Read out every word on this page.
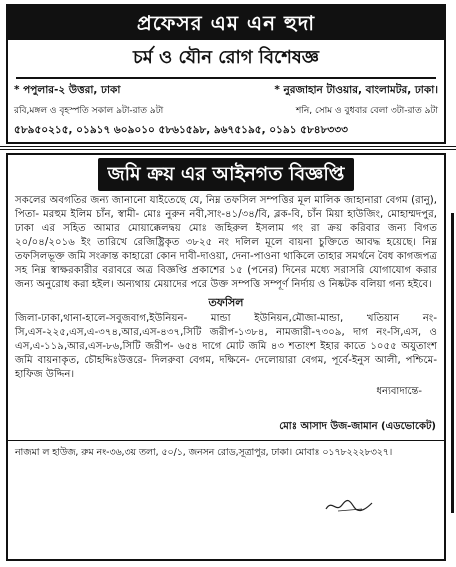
প্রফেসর এম এন হুদা
চর্ম ও যৌন রোগ বিশেষজ্ঞ
* পপুলার-২ উত্তরা, ঢাকা	* নুরজাহান টাওয়ার, বাংলামটর, ঢাকা।
রবি,মঙ্গল ও বৃহস্পতি সকাল ৯টা-রাত ৯টা	শনি, সোম ও বুধবার বেলা ৩টা-রাত ৯টা
৫৮৯৫০২১৫, ০১৯১৭ ৬০৯০১০ ৫৮৬১৫৯৮, ৯৬৭৫১৯৫, ০১৯১ ৫৮৪৮৩৩৩
জমি ক্রয় এর আইনগত বিজ্ঞপ্তি
সকলের অবগতির জন্য জানানো যাইতেছে যে, নিম্ন তফসিল সম্পত্তির মূল মালিক জাহানারা বেগম (রানু), পিতা- মরহুম ইলিম চাঁন, স্বামী- মোঃ নুরুন নবী,সাং-৪১/৩৪/বি, ব্লক-বি, চাঁন মিয়া হাউজিং, মোহাম্মদপুর, ঢাকা এর সহিত আমার মোয়াক্কেলদ্বয় মোঃ জহিরুল ইসলাম গং রা ক্রয় করিবার জন্য বিগত ২০/০৪/২০১৬ ইং তারিখে রেজিষ্ট্রিকৃত ৩৮২৫ নং দলিল মূলে বায়না চুক্তিতে আবদ্ধ হয়েছে। নিম্ন তফসিলভূক্ত জমি সংক্রান্ত কাহারো কোন দাবী-দাওয়া, দেনা-পাওনা থাকিলে তাহার সমর্থনে বৈধ কাগজপত্র সহ নিম্ন স্বাক্ষরকারীর বরাবরে অত্র বিজ্ঞপ্তি প্রকাশের ১৫ (পনের) দিনের মধ্যে সরাসরি যোগাযোগ করার জন্য অনুরোধ করা হইল। অন্যথায় মেয়াদের পরে উক্ত সম্পত্তি সম্পূর্ণ নির্দায় ও নিষ্কটক বলিয়া গন্য হইবে।
তফসিল
জিলা-ঢাকা,থানা-হালে-সবুজবাগ,ইউনিয়ন- মান্ডা ইউনিয়ন,মৌজা-মান্ডা, খতিয়ান নং-সি,এস-২২৫,এস,এ-৩৭৪,আর,এস-৪৩৭,সিটি জরীপ-১৩৮৪, নামজারী-৭৩০৯, দাগ নং-সি,এস, ও এস,এ-১১৯,আর,এস-৮৬,সিটি জরীপ- ৬৫৪ দাগে মোট জমি ৪৩ শতাংশ ইহার কাতে ১০৫৫ অযুতাংশ জমি বায়নাকৃত, চৌহদ্দিঃউত্তরে- দিলরুবা বেগম, দক্ষিনে- দেলোয়ারা বেগম, পূর্বে-ইনুস আলী, পশ্চিমে- হাফিজ উদ্দিন।
ধন্যবাদান্তে-
মোঃ আসাদ উজ-জামান (এডভোকেট)
নাজমা ল হাউজ, রুম নং-৩৬,৩য় তলা, ৫০/১, জনসন রোড,সূত্রাপুর, ঢাকা। মোবাঃ ০১৭৮২২২৮৩২৭।
